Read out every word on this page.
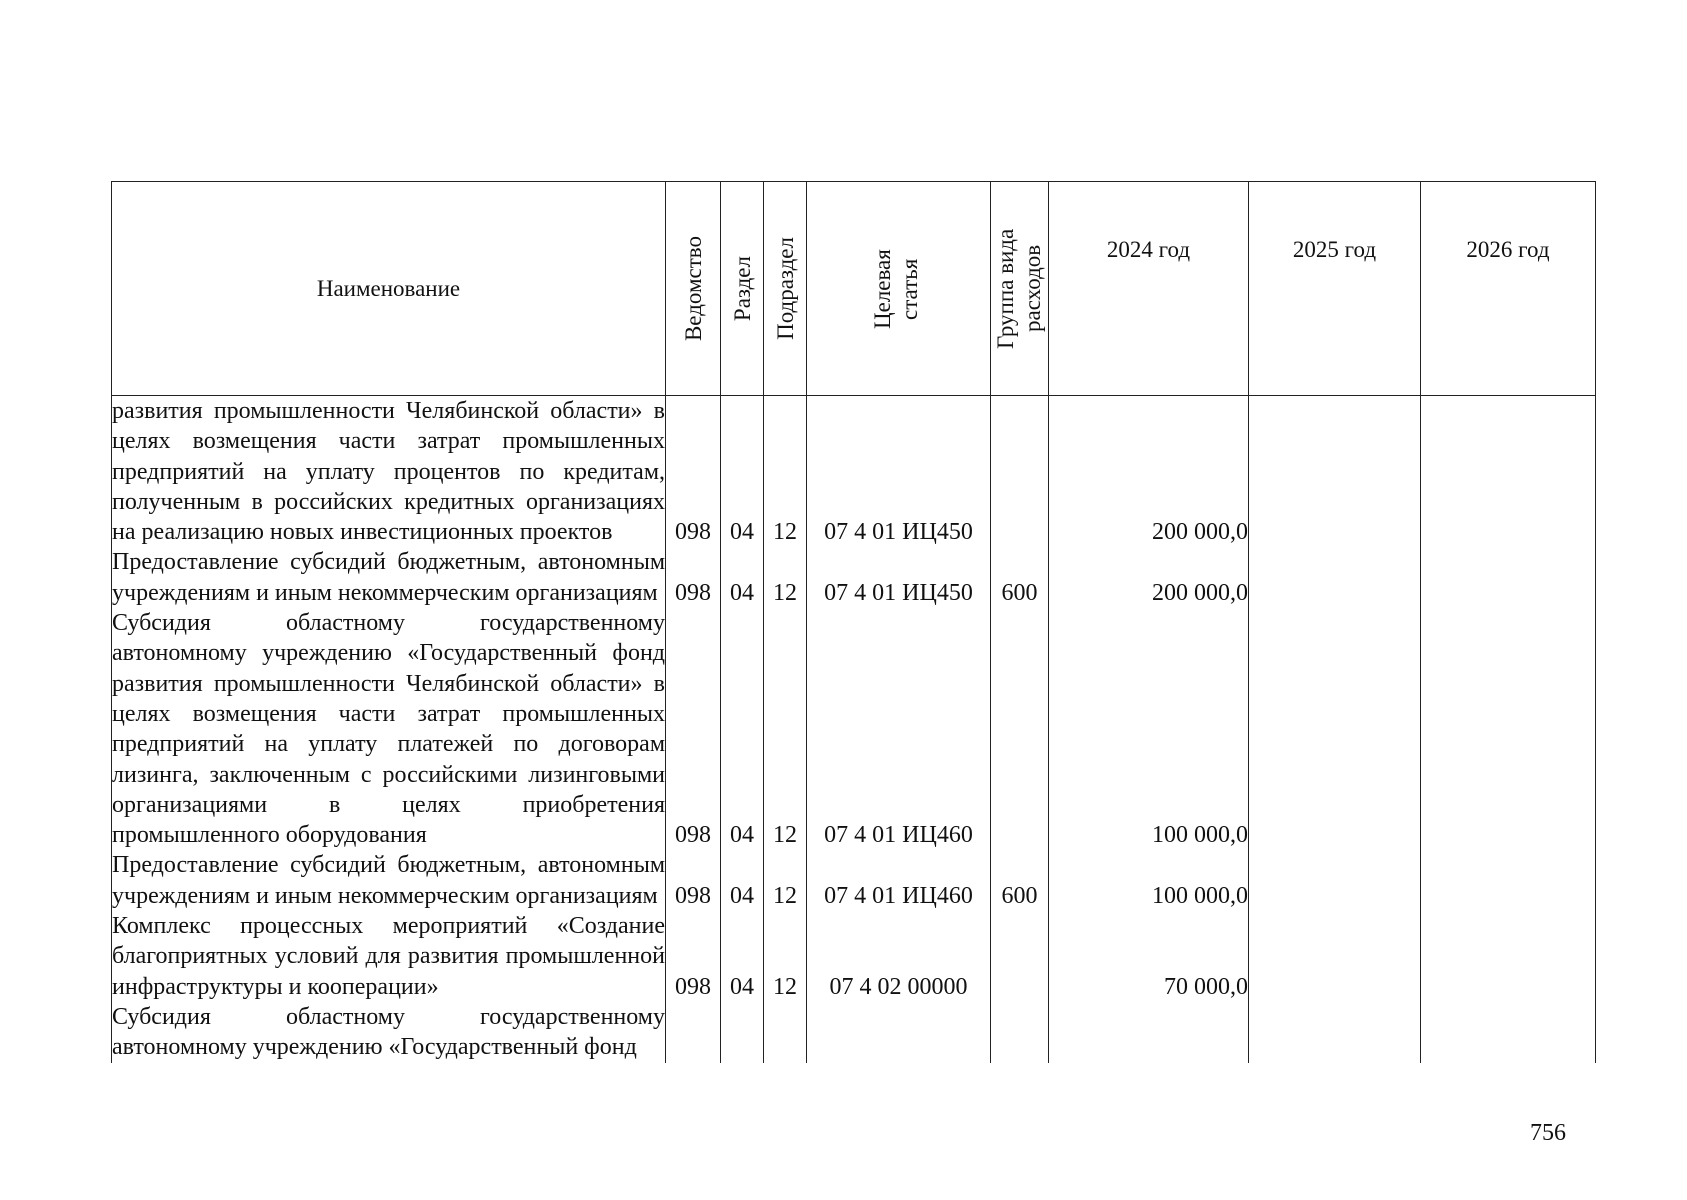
Наименование	Ведомство	Раздел	Подраздел	Целевая статья	Группа вида расходов	2024 год	2025 год	2026 год
развития промышленности Челябинской области» в целях возмещения части затрат промышленных предприятий на уплату процентов по кредитам, полученным в российских кредитных организациях на реализацию новых инвестиционных проектов	098	04	12	07 4 01 ИЦ450		200 000,0		
Предоставление субсидий бюджетным, автономным учреждениям и иным некоммерческим организациям	098	04	12	07 4 01 ИЦ450	600	200 000,0		
Субсидия областному государственному автономному учреждению «Государственный фонд развития промышленности Челябинской области» в целях возмещения части затрат промышленных предприятий на уплату платежей по договорам лизинга, заключенным с российскими лизинговыми организациями в целях приобретения промышленного оборудования	098	04	12	07 4 01 ИЦ460		100 000,0		
Предоставление субсидий бюджетным, автономным учреждениям и иным некоммерческим организациям	098	04	12	07 4 01 ИЦ460	600	100 000,0		
Комплекс процессных мероприятий «Создание благоприятных условий для развития промышленной инфраструктуры и кооперации»	098	04	12	07 4 02 00000		70 000,0		
Субсидия областному государственному автономному учреждению «Государственный фонд								
756
